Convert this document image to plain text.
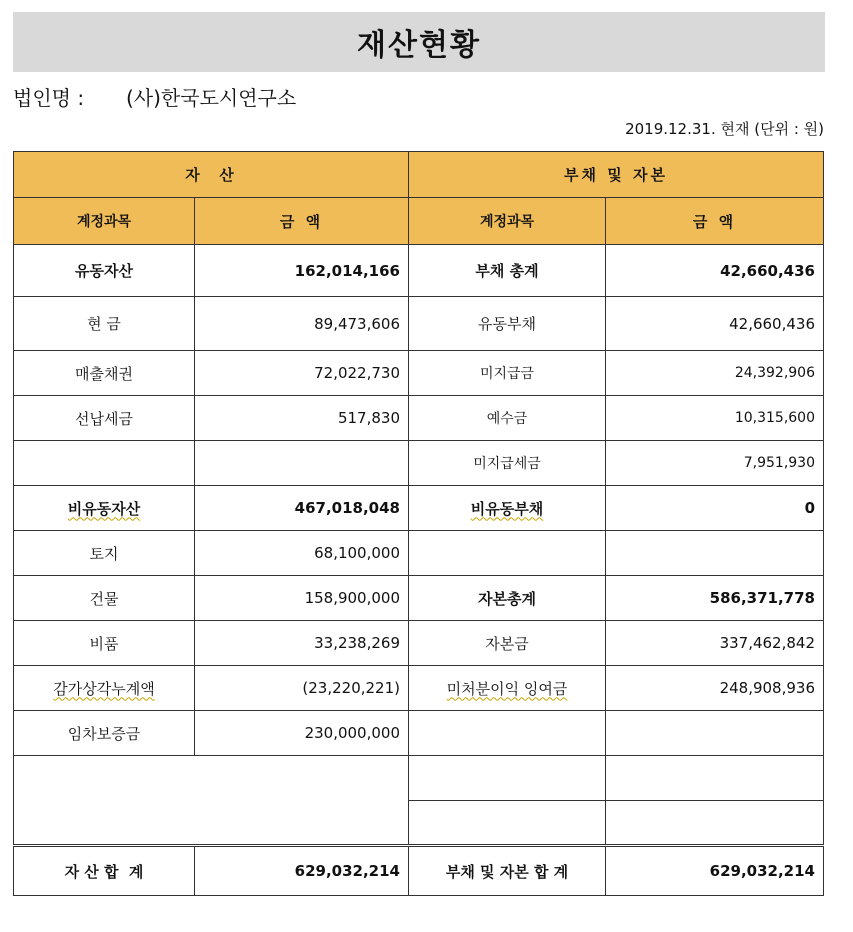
재산현황
법인명 : (사)한국도시연구소
2019.12.31. 현재 (단위 : 원)
자  산		부채 및 자본	
계정과목	금 액	계정과목	금 액
유동자산	162,014,166	부채 총계	42,660,436
현 금	89,473,606	유동부채	42,660,436
매출채권	72,022,730	미지급금	24,392,906
선납세금	517,830	예수금	10,315,600
		미지급세금	7,951,930
비유동자산	467,018,048	비유동부채	0
토지	68,100,000		
건물	158,900,000	자본총계	586,371,778
비품	33,238,269	자본금	337,462,842
감가상각누계액	(23,220,221)	미처분이익 잉여금	248,908,936
임차보증금	230,000,000		

자 산 합  계	629,032,214	부채 및 자본 합 계	629,032,214
